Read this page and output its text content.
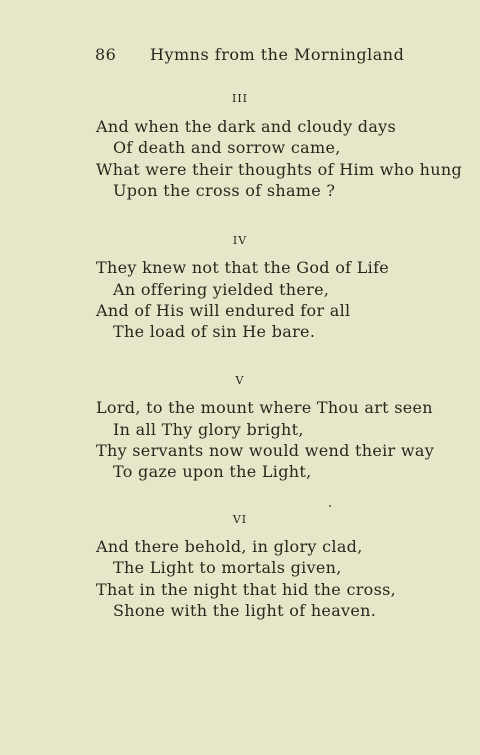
86 Hymns from the Morningland
III
And when the dark and cloudy days
Of death and sorrow came,
What were their thoughts of Him who hung
Upon the cross of shame ?
IV
They knew not that the God of Life
An offering yielded there,
And of His will endured for all
The load of sin He bare.
V
Lord, to the mount where Thou art seen
In all Thy glory bright,
Thy servants now would wend their way
To gaze upon the Light,
VI
And there behold, in glory clad,
The Light to mortals given,
That in the night that hid the cross,
Shone with the light of heaven.
